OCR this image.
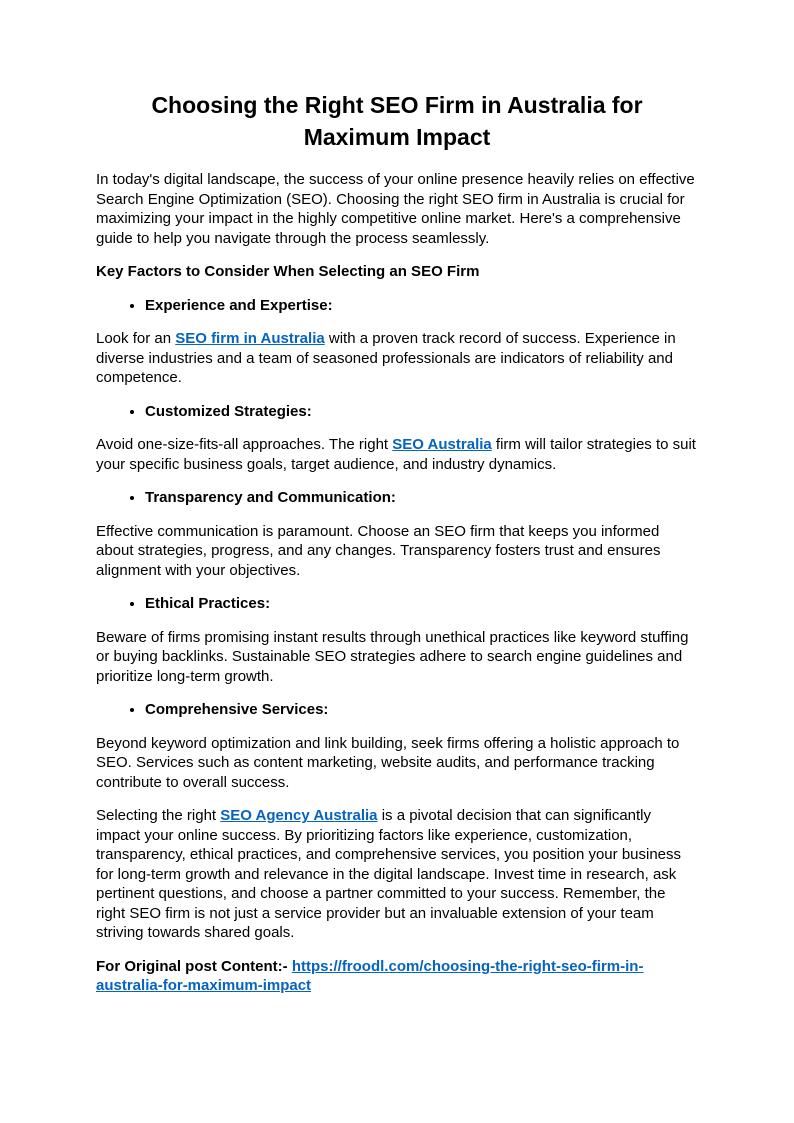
Choosing the Right SEO Firm in Australia for Maximum Impact

In today's digital landscape, the success of your online presence heavily relies on effective Search Engine Optimization (SEO). Choosing the right SEO firm in Australia is crucial for maximizing your impact in the highly competitive online market. Here's a comprehensive guide to help you navigate through the process seamlessly.

Key Factors to Consider When Selecting an SEO Firm

• Experience and Expertise:

Look for an SEO firm in Australia with a proven track record of success. Experience in diverse industries and a team of seasoned professionals are indicators of reliability and competence.

• Customized Strategies:

Avoid one-size-fits-all approaches. The right SEO Australia firm will tailor strategies to suit your specific business goals, target audience, and industry dynamics.

• Transparency and Communication:

Effective communication is paramount. Choose an SEO firm that keeps you informed about strategies, progress, and any changes. Transparency fosters trust and ensures alignment with your objectives.

• Ethical Practices:

Beware of firms promising instant results through unethical practices like keyword stuffing or buying backlinks. Sustainable SEO strategies adhere to search engine guidelines and prioritize long-term growth.

• Comprehensive Services:

Beyond keyword optimization and link building, seek firms offering a holistic approach to SEO. Services such as content marketing, website audits, and performance tracking contribute to overall success.

Selecting the right SEO Agency Australia is a pivotal decision that can significantly impact your online success. By prioritizing factors like experience, customization, transparency, ethical practices, and comprehensive services, you position your business for long-term growth and relevance in the digital landscape. Invest time in research, ask pertinent questions, and choose a partner committed to your success. Remember, the right SEO firm is not just a service provider but an invaluable extension of your team striving towards shared goals.

For Original post Content:- https://froodl.com/choosing-the-right-seo-firm-in-australia-for-maximum-impact
